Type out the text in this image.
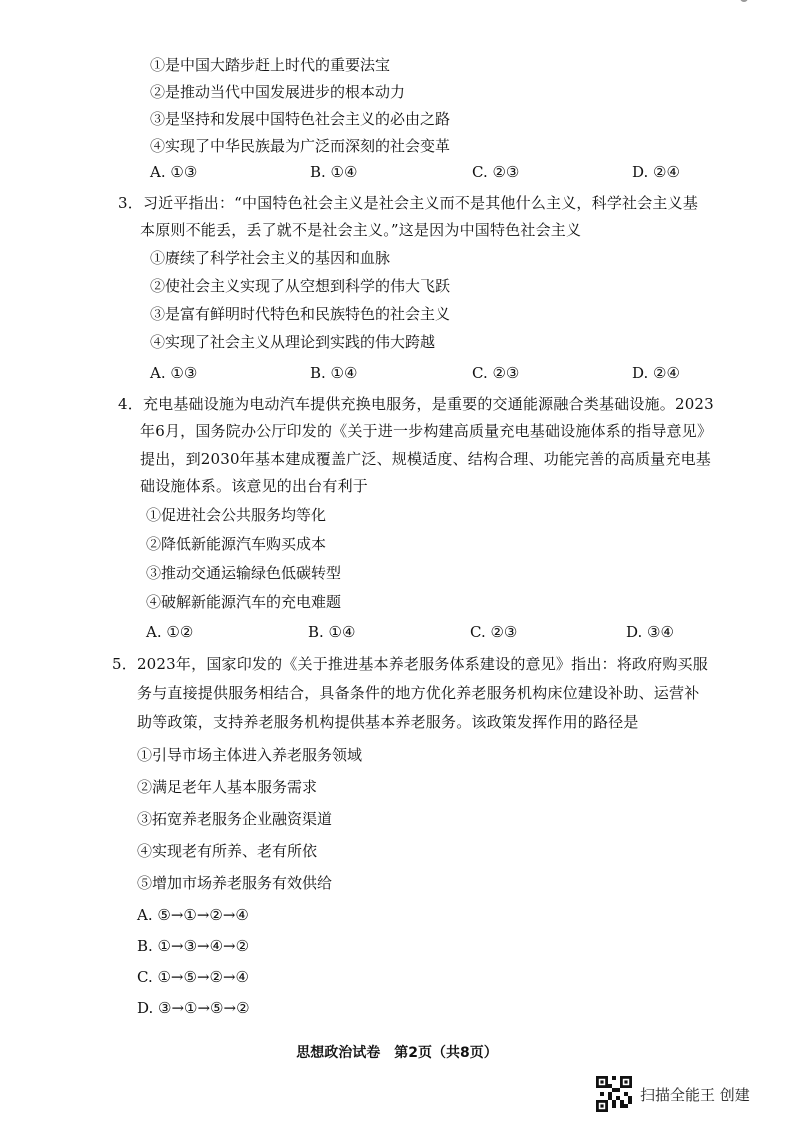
①是中国大踏步赶上时代的重要法宝
②是推动当代中国发展进步的根本动力
③是坚持和发展中国特色社会主义的必由之路
④实现了中华民族最为广泛而深刻的社会变革
A. ①③	B. ①④	C. ②③	D. ②④
3．习近平指出：“中国特色社会主义是社会主义而不是其他什么主义，科学社会主义基
本原则不能丢，丢了就不是社会主义。”这是因为中国特色社会主义
①赓续了科学社会主义的基因和血脉
②使社会主义实现了从空想到科学的伟大飞跃
③是富有鲜明时代特色和民族特色的社会主义
④实现了社会主义从理论到实践的伟大跨越
A. ①③	B. ①④	C. ②③	D. ②④
4．充电基础设施为电动汽车提供充换电服务，是重要的交通能源融合类基础设施。2023
年6月，国务院办公厅印发的《关于进一步构建高质量充电基础设施体系的指导意见》
提出，到2030年基本建成覆盖广泛、规模适度、结构合理、功能完善的高质量充电基
础设施体系。该意见的出台有利于
①促进社会公共服务均等化
②降低新能源汽车购买成本
③推动交通运输绿色低碳转型
④破解新能源汽车的充电难题
A. ①②	B. ①④	C. ②③	D. ③④
5．2023年，国家印发的《关于推进基本养老服务体系建设的意见》指出：将政府购买服
务与直接提供服务相结合，具备条件的地方优化养老服务机构床位建设补助、运营补
助等政策，支持养老服务机构提供基本养老服务。该政策发挥作用的路径是
①引导市场主体进入养老服务领域
②满足老年人基本服务需求
③拓宽养老服务企业融资渠道
④实现老有所养、老有所依
⑤增加市场养老服务有效供给
A. ⑤→①→②→④
B. ①→③→④→②
C. ①→⑤→②→④
D. ③→①→⑤→②
思想政治试卷　第2页（共8页）
扫描全能王 创建
